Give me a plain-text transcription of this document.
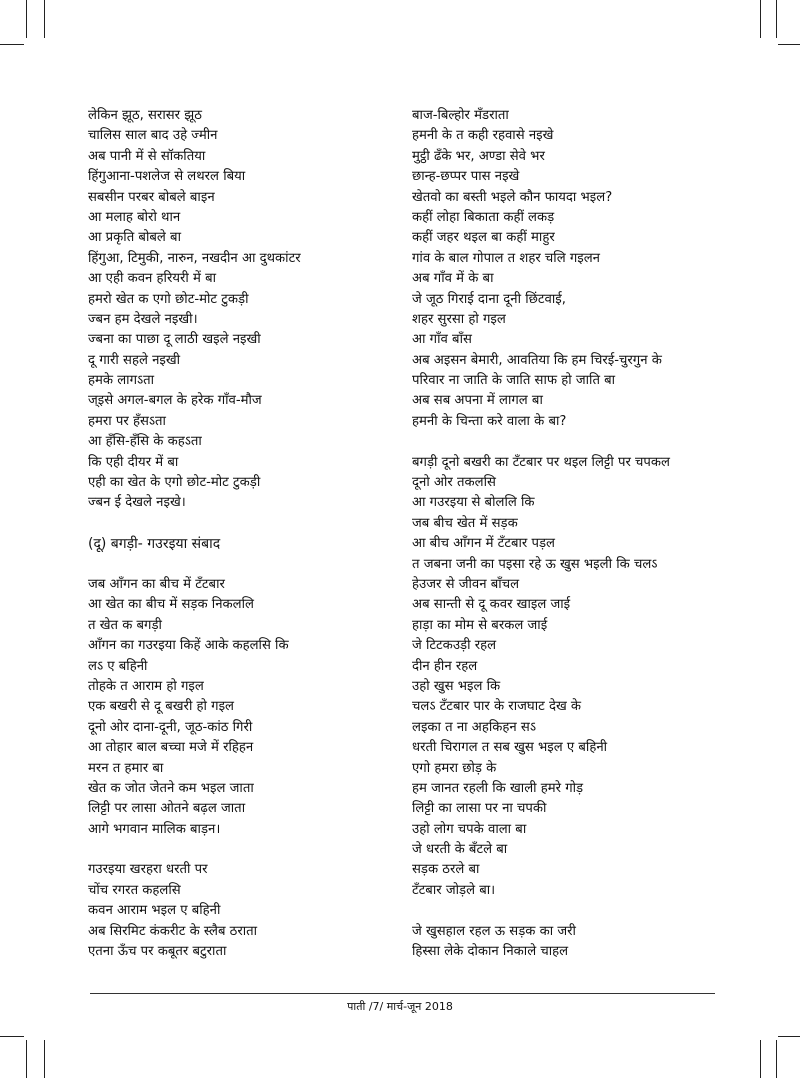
लेकिन झूठ, सरासर झूठ
चालिस साल बाद उहे ज्मीन
अब पानी में से सॉकतिया
हिंगुआना-पशलेज से लथरल बिया
सबसीन परबर बोबले बाइन
आ मलाह बोरो थान
आ प्रकृति बोबले बा
हिंगुआ, टिमुकी, नारुन, नखदीन आ दुथकांटर
आ एही कवन हरियरी में बा
हमरो खेत क एगो छोट-मोट टुकड़ी
ज्बन हम देखले नइखी।
ज्बना का पाछा दू लाठी खइले नइखी
दू गारी सहले नइखी
हमके लागऽता
ज्इसे अगल-बगल के हरेक गाँव-मौज
हमरा पर हँसऽता
आ हँसि-हँसि के कहऽता
कि एही दीयर में बा
एही का खेत के एगो छोट-मोट टुकड़ी
ज्बन ई देखले नइखे।
(दू) बगड़ी- गउरइया संबाद
जब आँगन का बीच में टॅंटबार
आ खेत का बीच में सड़क निकललि
त खेत क बगड़ी
आँगन का गउरइया किहें आके कहलसि कि
लऽ ए बहिनी
तोहके त आराम हो गइल
एक बखरी से दू बखरी हो गइल
दूनो ओर दाना-दूनी, जूठ-कांठ गिरी
आ तोहार बाल बच्चा मजे में रहिहन
मरन त हमार बा
खेत क जोत जेतने कम भइल जाता
लिट्टी पर लासा ओतने बढ़ल जाता
आगे भगवान मालिक बाड़न।
गउरइया खरहरा धरती पर
चोंच रगरत कहलसि
कवन आराम भइल ए बहिनी
अब सिरमिट कंकरीट के स्लैब ठराता
एतना ऊँच पर कबूतर बटुराता
बाज-बिल्होर मॅंडराता
हमनी के त कही रहवासे नइखे
मुट्ठी ढॅंके भर, अण्डा सेवे भर
छान्ह-छप्पर पास नइखे
खेतवो का बस्ती भइले कौन फायदा भइल?
कहीं लोहा बिकाता कहीं लकड़
कहीं जहर थइल बा कहीं माहुर
गांव के बाल गोपाल त शहर चलि गइलन
अब गाँव में के बा
जे जूठ गिराई दाना दूनी छिंटवाई,
शहर सुरसा हो गइल
आ गाँव बॉंस
अब अइसन बेमारी, आवतिया कि हम चिरई-चुरगुन के
परिवार ना जाति के जाति साफ हो जाति बा
अब सब अपना में लागल बा
हमनी के चिन्ता करे वाला के बा?
बगड़ी दूनो बखरी का टॅंटबार पर थइल लिट्टी पर चपकल
दूनो ओर तकलसि
आ गउरइया से बोललि कि
जब बीच खेत में सड़क
आ बीच आँगन में टॅंटबार पड़ल
त जबना जनी का पइसा रहे ऊ खुस भइली कि चलऽ
हेउजर से जीवन बाँचल
अब सान्ती से दू कवर खाइल जाई
हाड़ा का मोम से बरकल जाई
जे टिटकउड़ी रहल
दीन हीन रहल
उहो खुस भइल कि
चलऽ टॅंटबार पार के राजघाट देख के
लइका त ना अहकिहन सऽ
धरती चिरागल त सब खुस भइल ए बहिनी
एगो हमरा छोड़ के
हम जानत रहली कि खाली हमरे गोड़
लिट्टी का लासा पर ना चपकी
उहो लोग चपके वाला बा
जे धरती के बँटले बा
सड़क ठरले बा
टॅंटबार जोड़ले बा।
जे खुसहाल रहल ऊ सड़क का जरी
हिस्सा लेके दोकान निकाले चाहल
पाती /7/ मार्च-जून 2018
